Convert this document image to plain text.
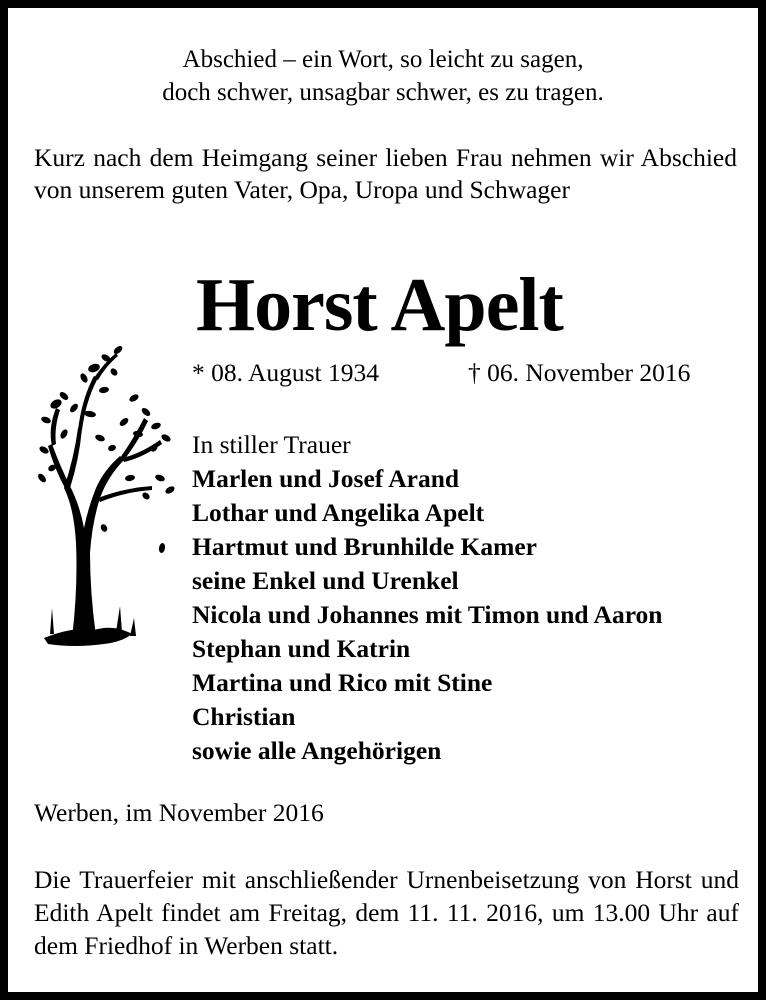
Abschied – ein Wort, so leicht zu sagen,
doch schwer, unsagbar schwer, es zu tragen.
Kurz nach dem Heimgang seiner lieben Frau nehmen wir Abschied von unserem guten Vater, Opa, Uropa und Schwager
Horst Apelt
* 08. August 1934	† 06. November 2016
In stiller Trauer
Marlen und Josef Arand
Lothar und Angelika Apelt
Hartmut und Brunhilde Kamer
seine Enkel und Urenkel
Nicola und Johannes mit Timon und Aaron
Stephan und Katrin
Martina und Rico mit Stine
Christian
sowie alle Angehörigen
Werben, im November 2016
Die Trauerfeier mit anschließender Urnenbeisetzung von Horst und Edith Apelt findet am Freitag, dem 11. 11. 2016, um 13.00 Uhr auf dem Friedhof in Werben statt.
